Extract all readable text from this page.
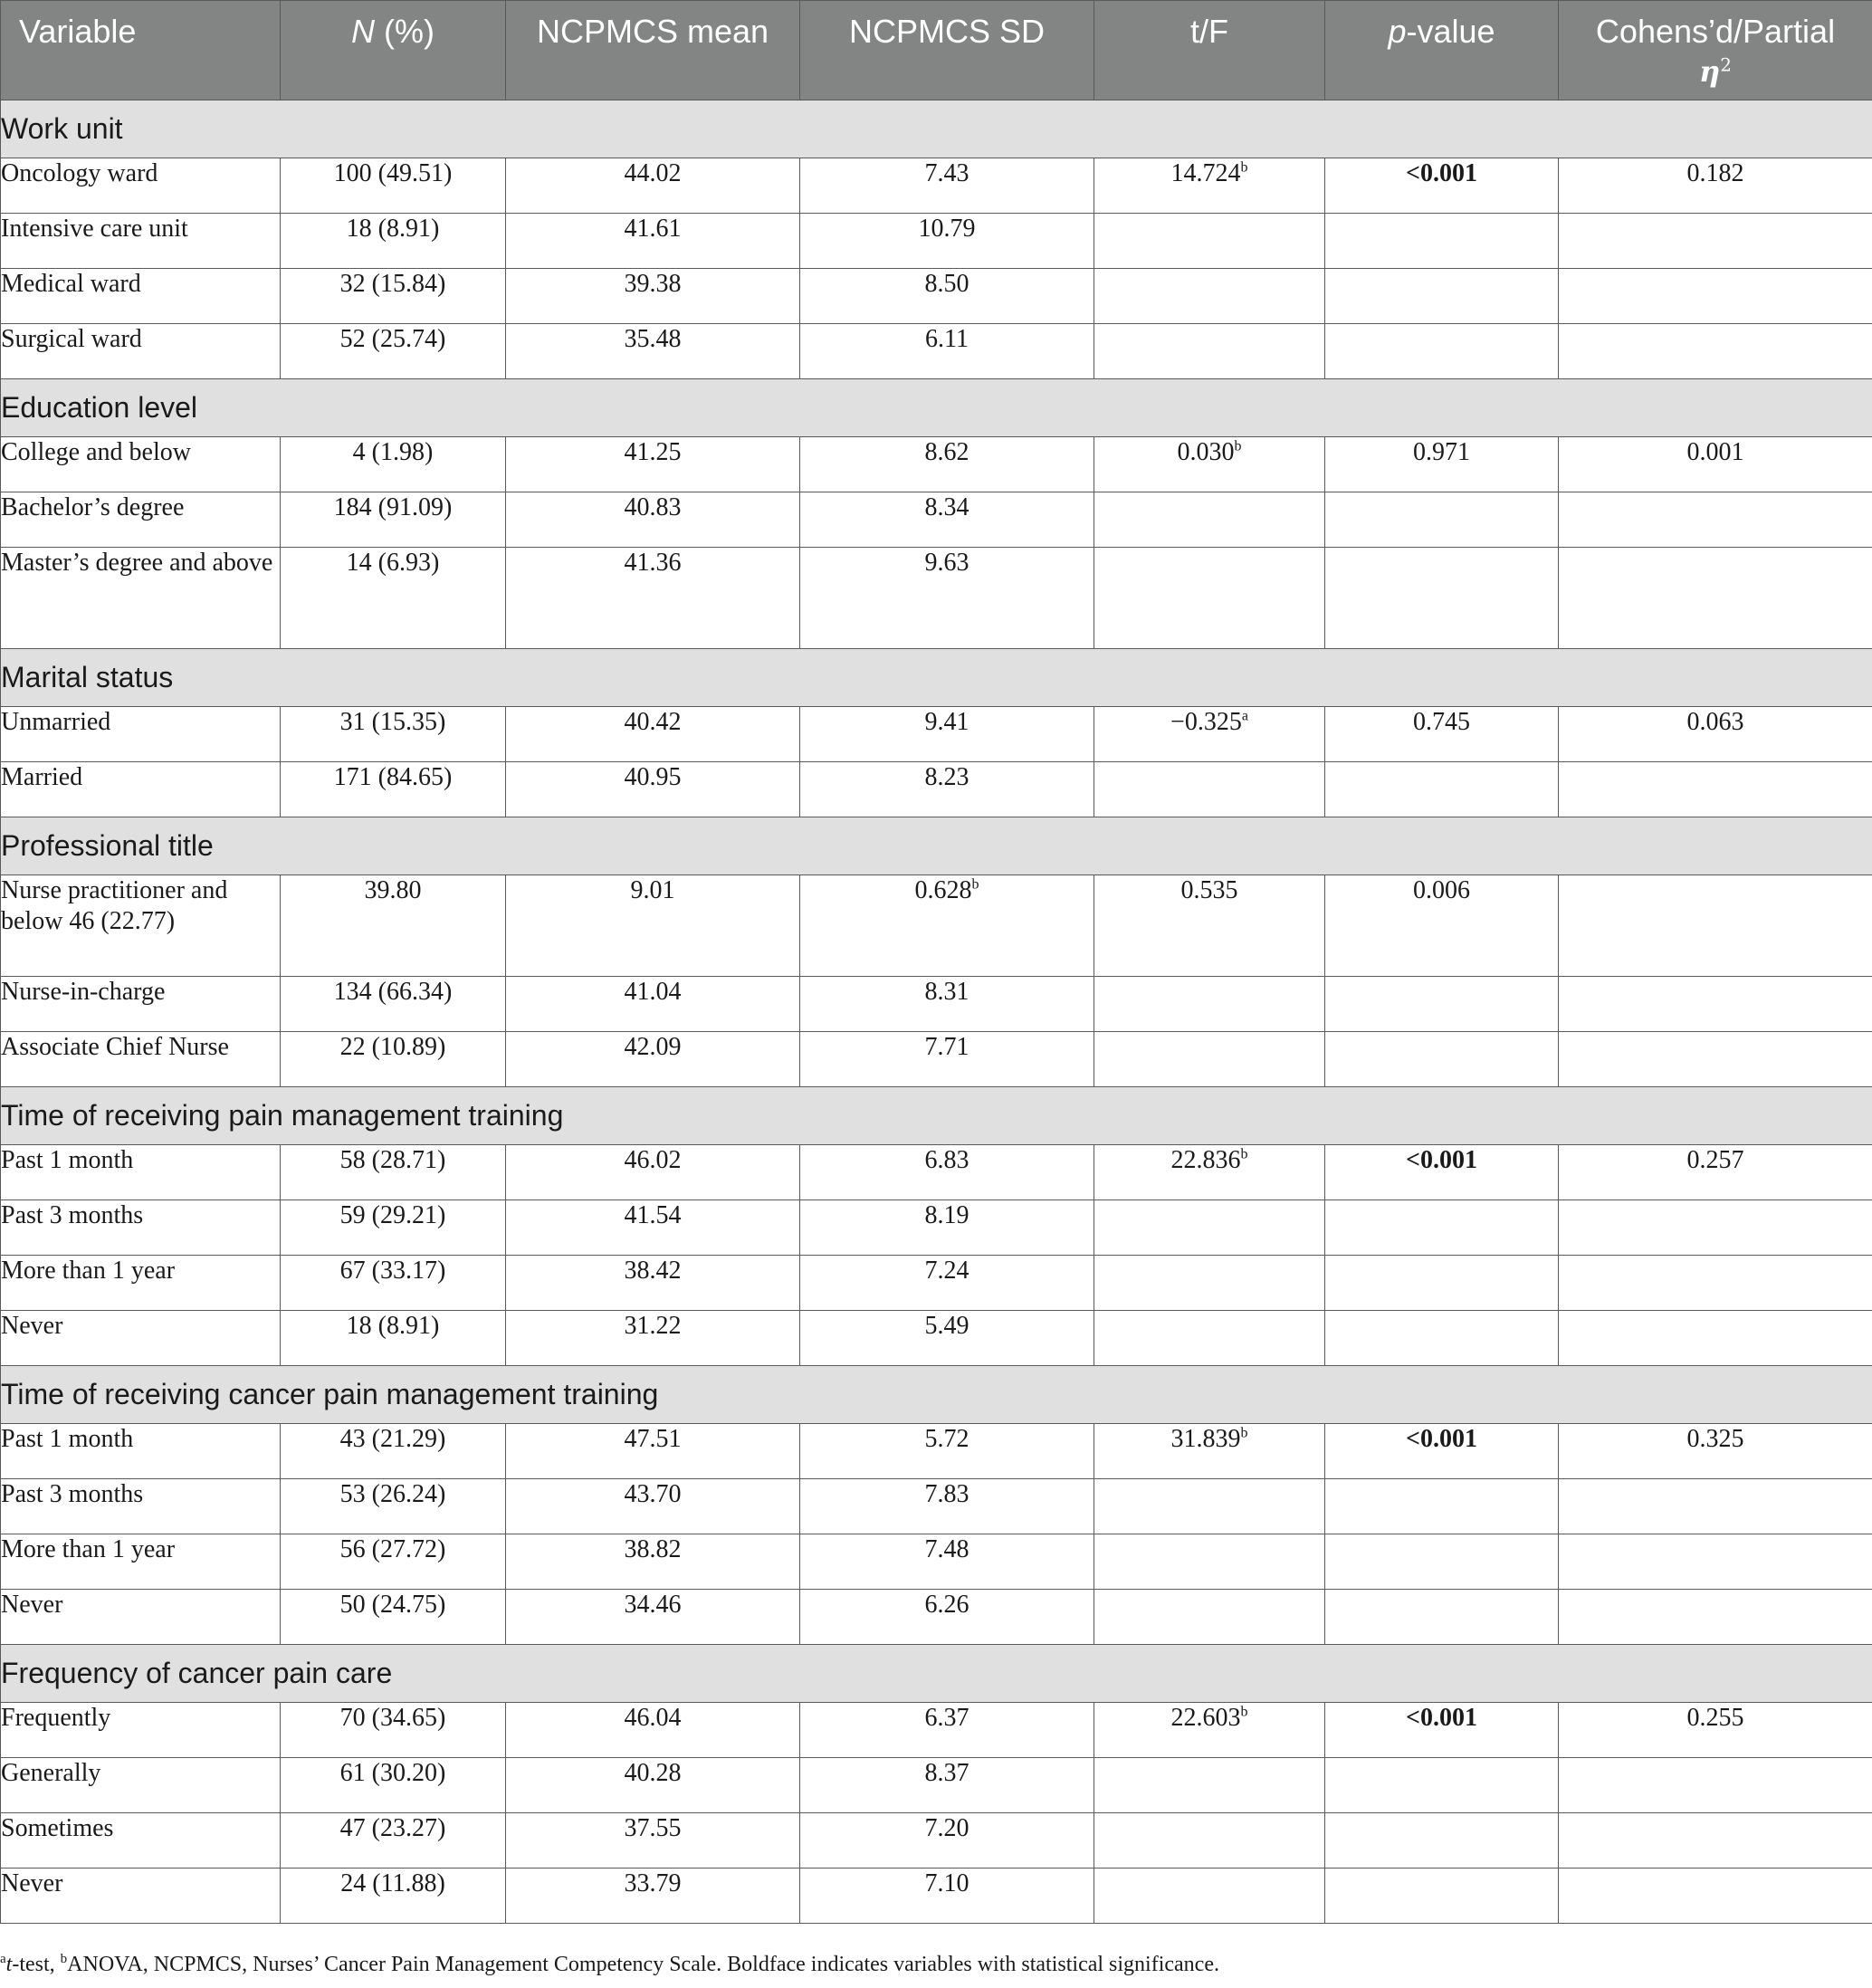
Variable	N (%)	NCPMCS mean	NCPMCS SD	t/F	p-value	Cohens’d/Partial
$\eta^2$
Work unit						

Oncology ward	100 (49.51)	44.02	7.43	14.724$^b$	<0.001	0.182

Intensive care unit	18 (8.91)	41.61	10.79			

Medical ward	32 (15.84)	39.38	8.50			

Surgical ward	52 (25.74)	35.48	6.11			

Education level						

College and below	4 (1.98)	41.25	8.62	0.030$^b$	0.971	0.001

Bachelor’s degree	184 (91.09)	40.83	8.34			

Master’s degree and above	14 (6.93)	41.36	9.63			

Marital status						

Unmarried	31 (15.35)	40.42	9.41	−0.325$^a$	0.745	0.063

Married	171 (84.65)	40.95	8.23			

Professional title						

Nurse practitioner and below 46 (22.77)	39.80	9.01	0.628$^b$	0.535	0.006	

Nurse-in-charge	134 (66.34)	41.04	8.31			

Associate Chief Nurse	22 (10.89)	42.09	7.71			

Time of receiving pain management training						

Past 1 month	58 (28.71)	46.02	6.83	22.836$^b$	<0.001	0.257

Past 3 months	59 (29.21)	41.54	8.19			

More than 1 year	67 (33.17)	38.42	7.24			

Never	18 (8.91)	31.22	5.49			

Time of receiving cancer pain management training						

Past 1 month	43 (21.29)	47.51	5.72	31.839$^b$	<0.001	0.325

Past 3 months	53 (26.24)	43.70	7.83			

More than 1 year	56 (27.72)	38.82	7.48			

Never	50 (24.75)	34.46	6.26			

Frequency of cancer pain care						

Frequently	70 (34.65)	46.04	6.37	22.603$^b$	<0.001	0.255

Generally	61 (30.20)	40.28	8.37			

Sometimes	47 (23.27)	37.55	7.20			

Never	24 (11.88)	33.79	7.10			

$^a$t-test, $^b$ANOVA, NCPMCS, Nurses’ Cancer Pain Management Competency Scale. Boldface indicates variables with statistical significance.
